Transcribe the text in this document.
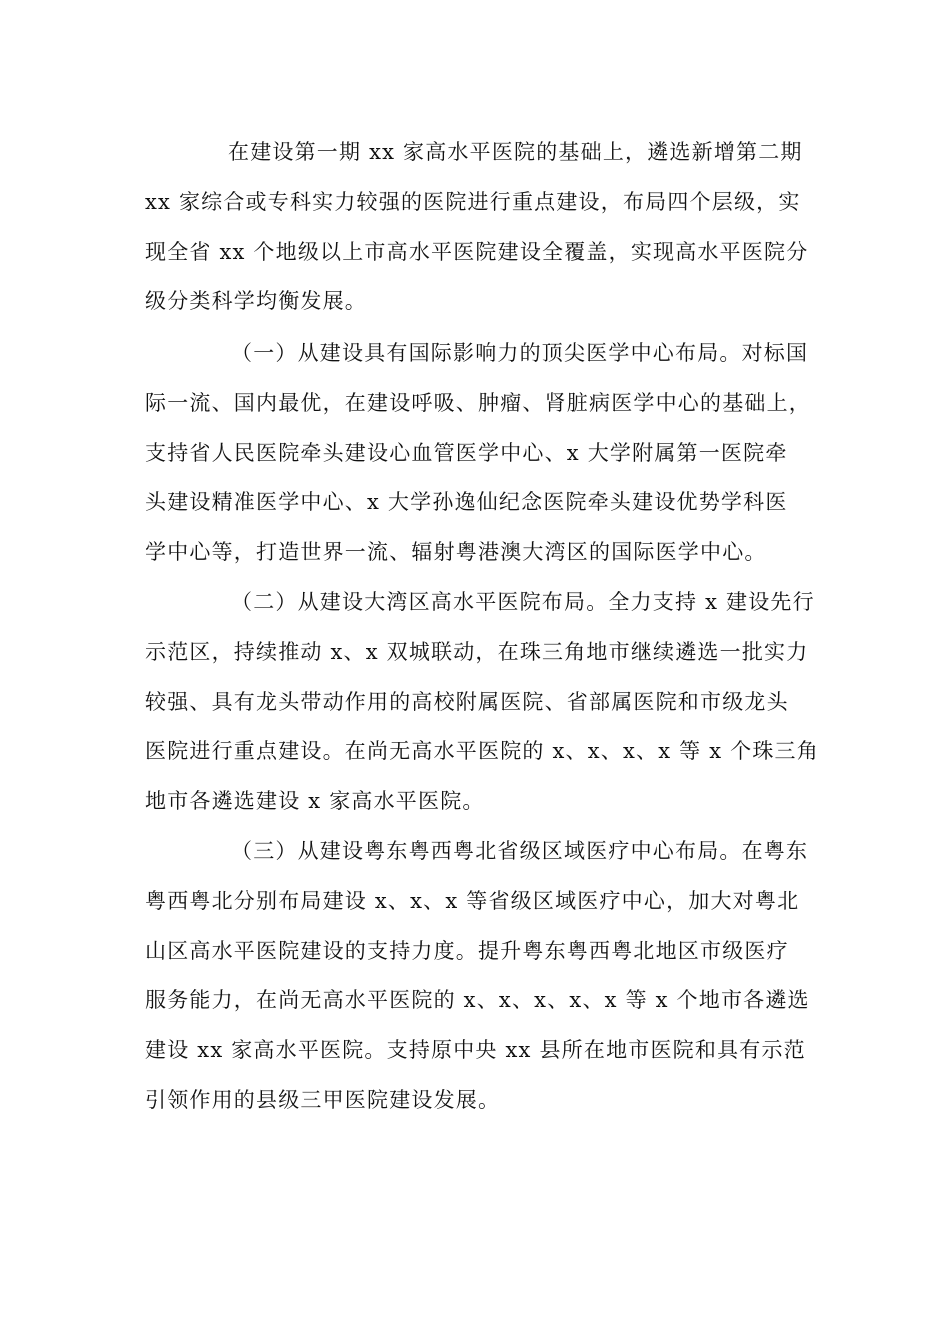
在建设第一期 xx 家高水平医院的基础上，遴选新增第二期

xx 家综合或专科实力较强的医院进行重点建设，布局四个层级，实

现全省 xx 个地级以上市高水平医院建设全覆盖，实现高水平医院分

级分类科学均衡发展。

（一）从建设具有国际影响力的顶尖医学中心布局。对标国

际一流、国内最优，在建设呼吸、肿瘤、肾脏病医学中心的基础上，

支持省人民医院牵头建设心血管医学中心、x 大学附属第一医院牵

头建设精准医学中心、x 大学孙逸仙纪念医院牵头建设优势学科医

学中心等，打造世界一流、辐射粤港澳大湾区的国际医学中心。

（二）从建设大湾区高水平医院布局。全力支持 x 建设先行

示范区，持续推动 x、x 双城联动，在珠三角地市继续遴选一批实力

较强、具有龙头带动作用的高校附属医院、省部属医院和市级龙头

医院进行重点建设。在尚无高水平医院的 x、x、x、x 等 x 个珠三角

地市各遴选建设 x 家高水平医院。

（三）从建设粤东粤西粤北省级区域医疗中心布局。在粤东

粤西粤北分别布局建设 x、x、x 等省级区域医疗中心，加大对粤北

山区高水平医院建设的支持力度。提升粤东粤西粤北地区市级医疗

服务能力，在尚无高水平医院的 x、x、x、x、x 等 x 个地市各遴选

建设 xx 家高水平医院。支持原中央 xx 县所在地市医院和具有示范

引领作用的县级三甲医院建设发展。
